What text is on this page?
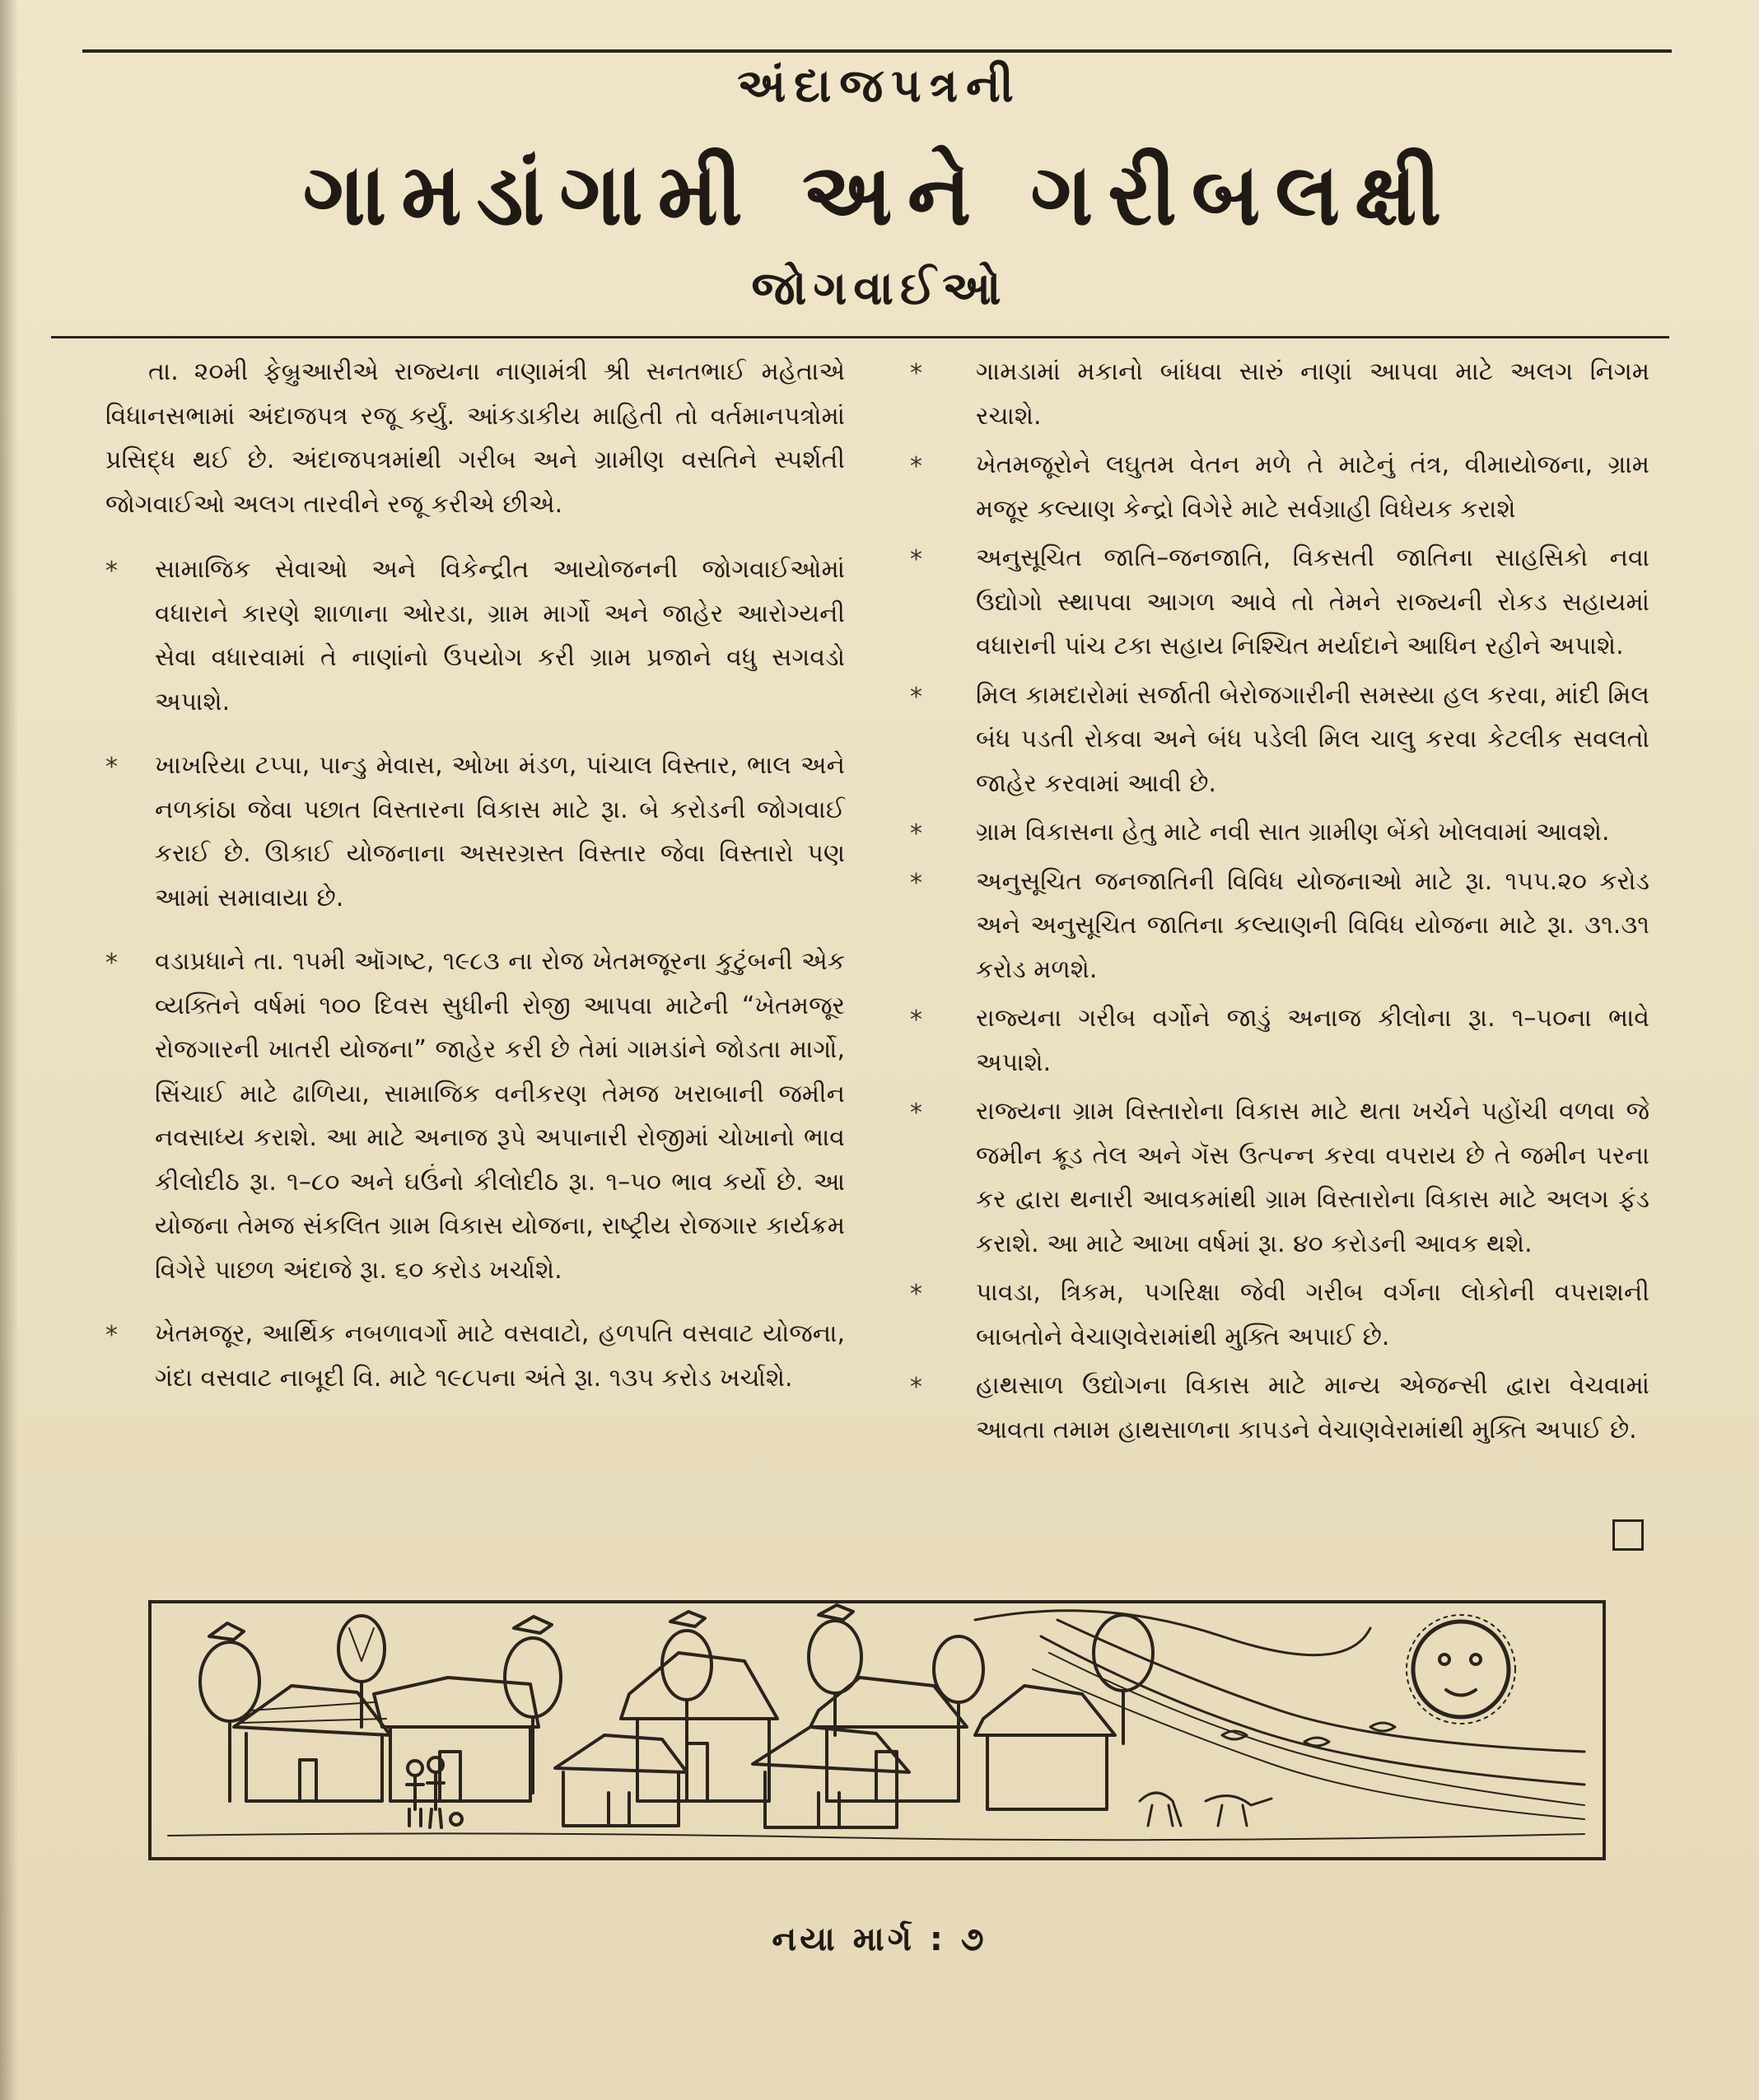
અંદાજપત્રની
ગામડાંગામી અને ગરીબલક્ષી
જોગવાઈઓ

તા. ૨૦મી ફેબ્રુઆરીએ રાજ્યના નાણામંત્રી શ્રી સનતભાઈ મહેતાએ વિધાનસભામાં અંદાજપત્ર રજૂ કર્યું. આંકડાકીય માહિતી તો વર્તમાનપત્રોમાં પ્રસિદ્ધ થઈ છે. અંદાજપત્રમાંથી ગરીબ અને ગ્રામીણ વસતિને સ્પર્શતી જોગવાઈઓ અલગ તારવીને રજૂ કરીએ છીએ.

* સામાજિક સેવાઓ અને વિકેન્દ્રીત આયોજનની જોગવાઈઓમાં વધારાને કારણે શાળાના ઓરડા, ગ્રામ માર્ગો અને જાહેર આરોગ્યની સેવા વધારવામાં તે નાણાંનો ઉપયોગ કરી ગ્રામ પ્રજાને વધુ સગવડો અપાશે.
* ખાખરિયા ટપ્પા, પાન્ડુ મેવાસ, ઓખા મંડળ, પાંચાલ વિસ્તાર, ભાલ અને નળકાંઠા જેવા પછાત વિસ્તારના વિકાસ માટે રૂા. બે કરોડની જોગવાઈ કરાઈ છે. ઊકાઈ યોજનાના અસરગ્રસ્ત વિસ્તાર જેવા વિસ્તારો પણ આમાં સમાવાયા છે.
* વડાપ્રધાને તા. ૧૫મી ઑગષ્ટ, ૧૯૮૩ ના રોજ ખેતમજૂરના કુટુંબની એક વ્યક્તિને વર્ષમાં ૧૦૦ દિવસ સુધીની રોજી આપવા માટેની “ખેતમજૂર રોજગારની ખાતરી યોજના” જાહેર કરી છે તેમાં ગામડાંને જોડતા માર્ગો, સિંચાઈ માટે ઢાળિયા, સામાજિક વનીકરણ તેમજ ખરાબાની જમીન નવસાધ્ય કરાશે. આ માટે અનાજ રૂપે અપાનારી રોજીમાં ચોખાનો ભાવ કીલોદીઠ રૂા. ૧–૮૦ અને ઘઉંનો કીલોદીઠ રૂા. ૧–૫૦ ભાવ કર્યો છે. આ યોજના તેમજ સંકલિત ગ્રામ વિકાસ યોજના, રાષ્ટ્રીય રોજગાર કાર્યક્રમ વિગેરે પાછળ અંદાજે રૂા. ૬૦ કરોડ ખર્ચાશે.
* ખેતમજૂર, આર્થિક નબળાવર્ગો માટે વસવાટો, હળપતિ વસવાટ યોજના, ગંદા વસવાટ નાબૂદી વિ. માટે ૧૯૮૫ના અંતે રૂા. ૧૩૫ કરોડ ખર્ચાશે.
* ગામડામાં મકાનો બાંધવા સારું નાણાં આપવા માટે અલગ નિગમ રચાશે.
* ખેતમજૂરોને લઘુતમ વેતન મળે તે માટેનું તંત્ર, વીમાયોજના, ગ્રામ મજૂર કલ્યાણ કેન્દ્રો વિગેરે માટે સર્વગ્રાહી વિધેયક કરાશે
* અનુસૂચિત જાતિ–જનજાતિ, વિકસતી જાતિના સાહસિકો નવા ઉદ્યોગો સ્થાપવા આગળ આવે તો તેમને રાજ્યની રોકડ સહાયમાં વધારાની પાંચ ટકા સહાય નિશ્ચિત મર્યાદાને આધિન રહીને અપાશે.
* મિલ કામદારોમાં સર્જાતી બેરોજગારીની સમસ્યા હલ કરવા, માંદી મિલ બંધ પડતી રોકવા અને બંધ પડેલી મિલ ચાલુ કરવા કેટલીક સવલતો જાહેર કરવામાં આવી છે.
* ગ્રામ વિકાસના હેતુ માટે નવી સાત ગ્રામીણ બેંકો ખોલવામાં આવશે.
* અનુસૂચિત જનજાતિની વિવિધ યોજનાઓ માટે રૂા. ૧૫૫.૨૦ કરોડ અને અનુસૂચિત જાતિના કલ્યાણની વિવિધ યોજના માટે રૂા. ૩૧.૩૧ કરોડ મળશે.
* રાજ્યના ગરીબ વર્ગોને જાડું અનાજ કીલોના રૂા. ૧–૫૦ના ભાવે અપાશે.
* રાજ્યના ગ્રામ વિસ્તારોના વિકાસ માટે થતા ખર્ચને પહોંચી વળવા જે જમીન ક્રૂડ તેલ અને ગૅસ ઉત્પન્ન કરવા વપરાય છે તે જમીન પરના કર દ્વારા થનારી આવકમાંથી ગ્રામ વિસ્તારોના વિકાસ માટે અલગ ફંડ કરાશે. આ માટે આખા વર્ષમાં રૂા. ૪૦ કરોડની આવક થશે.
* પાવડા, ત્રિકમ, પગરિક્ષા જેવી ગરીબ વર્ગના લોકોની વપરાશની બાબતોને વેચાણવેરામાંથી મુક્તિ અપાઈ છે.
* હાથસાળ ઉદ્યોગના વિકાસ માટે માન્ય એજન્સી દ્વારા વેચવામાં આવતા તમામ હાથસાળના કાપડને વેચાણવેરામાંથી મુક્તિ અપાઈ છે.
નયા માર્ગ : ૭
